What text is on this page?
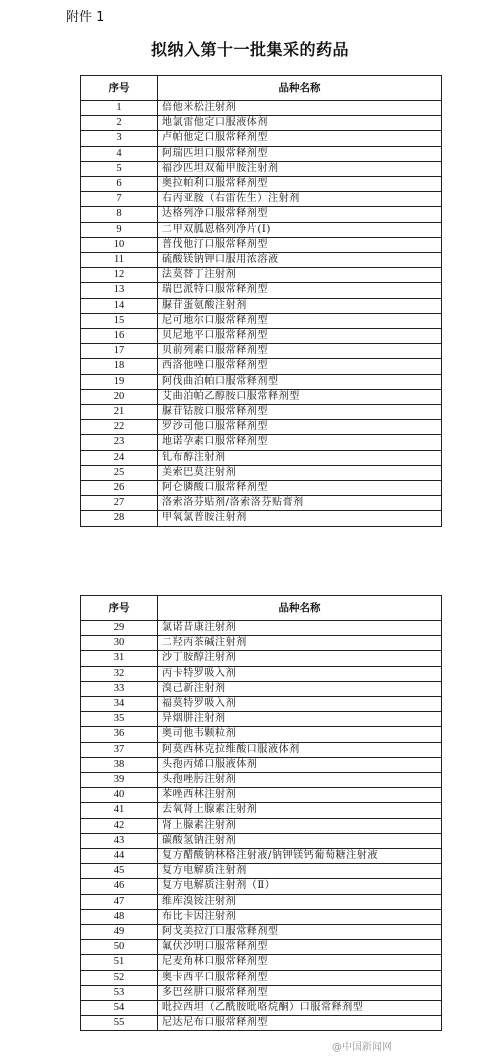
附件 1
拟纳入第十一批集采的药品
序号	品种名称
1	倍他米松注射剂
2	地氯雷他定口服液体剂
3	卢帕他定口服常释剂型
4	阿瑞匹坦口服常释剂型
5	福沙匹坦双葡甲胺注射剂
6	奥拉帕利口服常释剂型
7	右丙亚胺（右雷佐生）注射剂
8	达格列净口服常释剂型
9	二甲双胍恩格列净片(I)
10	普伐他汀口服常释剂型
11	硫酸镁钠钾口服用浓溶液
12	法莫替丁注射剂
13	瑞巴派特口服常释剂型
14	脲苷蛋氨酸注射剂
15	尼可地尔口服常释剂型
16	贝尼地平口服常释剂型
17	贝前列素口服常释剂型
18	西洛他唑口服常释剂型
19	阿伐曲泊帕口服常释剂型
20	艾曲泊帕乙醇胺口服常释剂型
21	脲苷钴胺口服常释剂型
22	罗沙司他口服常释剂型
23	地诺孕素口服常释剂型
24	钆布醇注射剂
25	美索巴莫注射剂
26	阿仑膦酸口服常释剂型
27	洛索洛芬贴剂/洛索洛芬贴膏剂
28	甲氧氯普胺注射剂
序号	品种名称
29	氯诺昔康注射剂
30	二羟丙茶碱注射剂
31	沙丁胺醇注射剂
32	丙卡特罗吸入剂
33	溴己新注射剂
34	福莫特罗吸入剂
35	异烟肼注射剂
36	奥司他韦颗粒剂
37	阿莫西林克拉维酸口服液体剂
38	头孢丙烯口服液体剂
39	头孢唑肟注射剂
40	苯唑西林注射剂
41	去氧肾上腺素注射剂
42	肾上腺素注射剂
43	碳酸氢钠注射剂
44	复方醋酸钠林格注射液/钠钾镁钙葡萄糖注射液
45	复方电解质注射剂
46	复方电解质注射剂（Ⅱ）
47	维库溴铵注射剂
48	布比卡因注射剂
49	阿戈美拉汀口服常释剂型
50	氟伏沙明口服常释剂型
51	尼麦角林口服常释剂型
52	奥卡西平口服常释剂型
53	多巴丝肼口服常释剂型
54	吡拉西坦（乙酰胺吡咯烷酮）口服常释剂型
55	尼达尼布口服常释剂型
@中国新闻网
